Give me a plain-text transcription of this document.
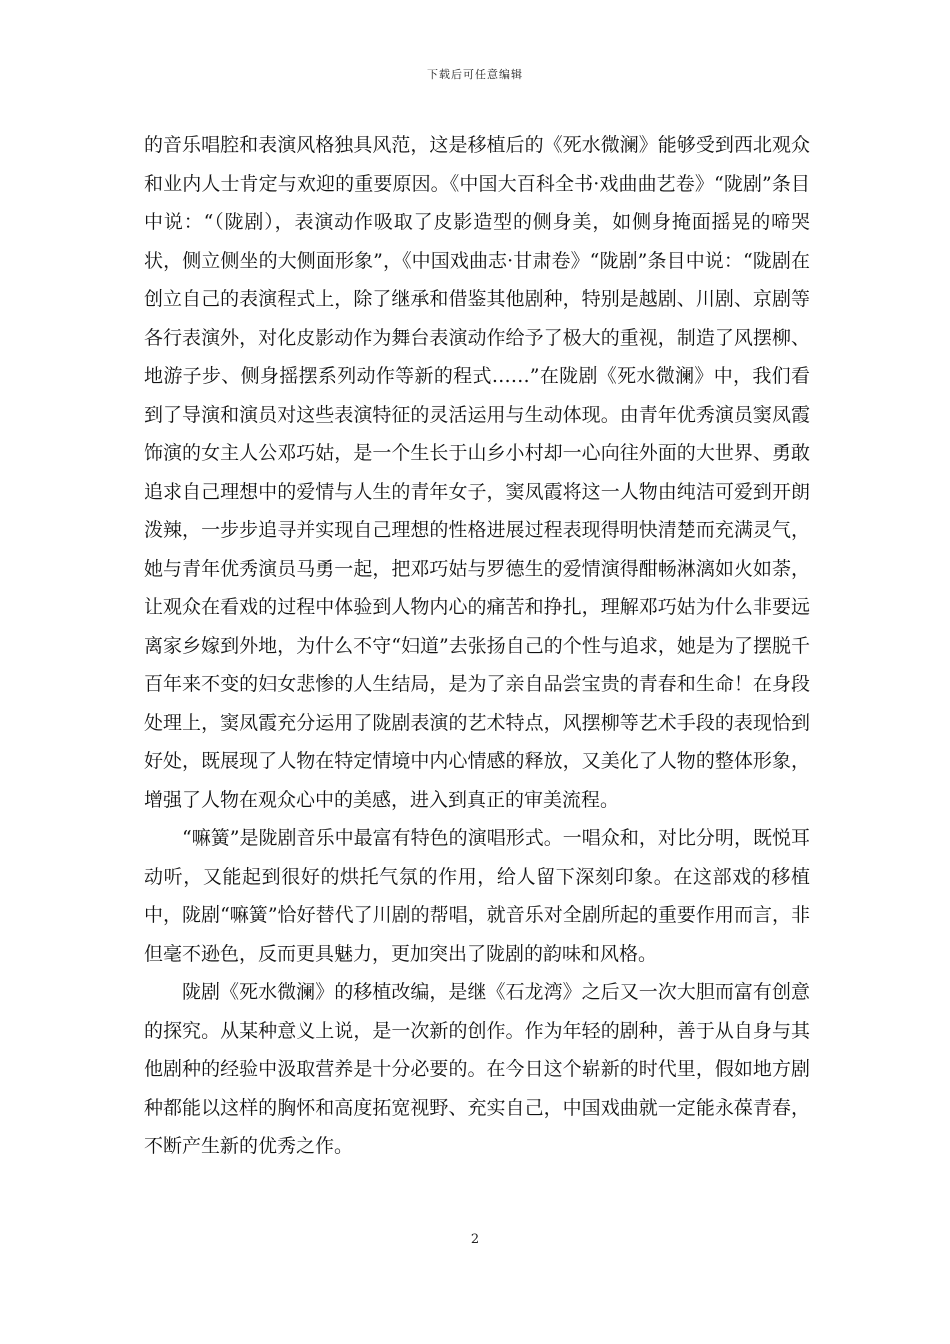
下载后可任意编辑

的音乐唱腔和表演风格独具风范，这是移植后的《死水微澜》能够受到西北观众和业内人士肯定与欢迎的重要原因。《中国大百科全书·戏曲曲艺卷》“陇剧”条目中说：“（陇剧），表演动作吸取了皮影造型的侧身美，如侧身掩面摇晃的啼哭状，侧立侧坐的大侧面形象”，《中国戏曲志·甘肃卷》“陇剧”条目中说：“陇剧在创立自己的表演程式上，除了继承和借鉴其他剧种，特别是越剧、川剧、京剧等各行表演外，对化皮影动作为舞台表演动作给予了极大的重视，制造了风摆柳、地游子步、侧身摇摆系列动作等新的程式……”在陇剧《死水微澜》中，我们看到了导演和演员对这些表演特征的灵活运用与生动体现。由青年优秀演员窦凤霞饰演的女主人公邓巧姑，是一个生长于山乡小村却一心向往外面的大世界、勇敢追求自己理想中的爱情与人生的青年女子，窦凤霞将这一人物由纯洁可爱到开朗泼辣，一步步追寻并实现自己理想的性格进展过程表现得明快清楚而充满灵气，她与青年优秀演员马勇一起，把邓巧姑与罗德生的爱情演得酣畅淋漓如火如荼，让观众在看戏的过程中体验到人物内心的痛苦和挣扎，理解邓巧姑为什么非要远离家乡嫁到外地，为什么不守“妇道”去张扬自己的个性与追求，她是为了摆脱千百年来不变的妇女悲惨的人生结局，是为了亲自品尝宝贵的青春和生命！在身段处理上，窦凤霞充分运用了陇剧表演的艺术特点，风摆柳等艺术手段的表现恰到好处，既展现了人物在特定情境中内心情感的释放，又美化了人物的整体形象，增强了人物在观众心中的美感，进入到真正的审美流程。

“嘛簧”是陇剧音乐中最富有特色的演唱形式。一唱众和，对比分明，既悦耳动听，又能起到很好的烘托气氛的作用，给人留下深刻印象。在这部戏的移植中，陇剧“嘛簧”恰好替代了川剧的帮唱，就音乐对全剧所起的重要作用而言，非但毫不逊色，反而更具魅力，更加突出了陇剧的韵味和风格。

陇剧《死水微澜》的移植改编，是继《石龙湾》之后又一次大胆而富有创意的探究。从某种意义上说，是一次新的创作。作为年轻的剧种，善于从自身与其他剧种的经验中汲取营养是十分必要的。在今日这个崭新的时代里，假如地方剧种都能以这样的胸怀和高度拓宽视野、充实自己，中国戏曲就一定能永葆青春，不断产生新的优秀之作。

2
